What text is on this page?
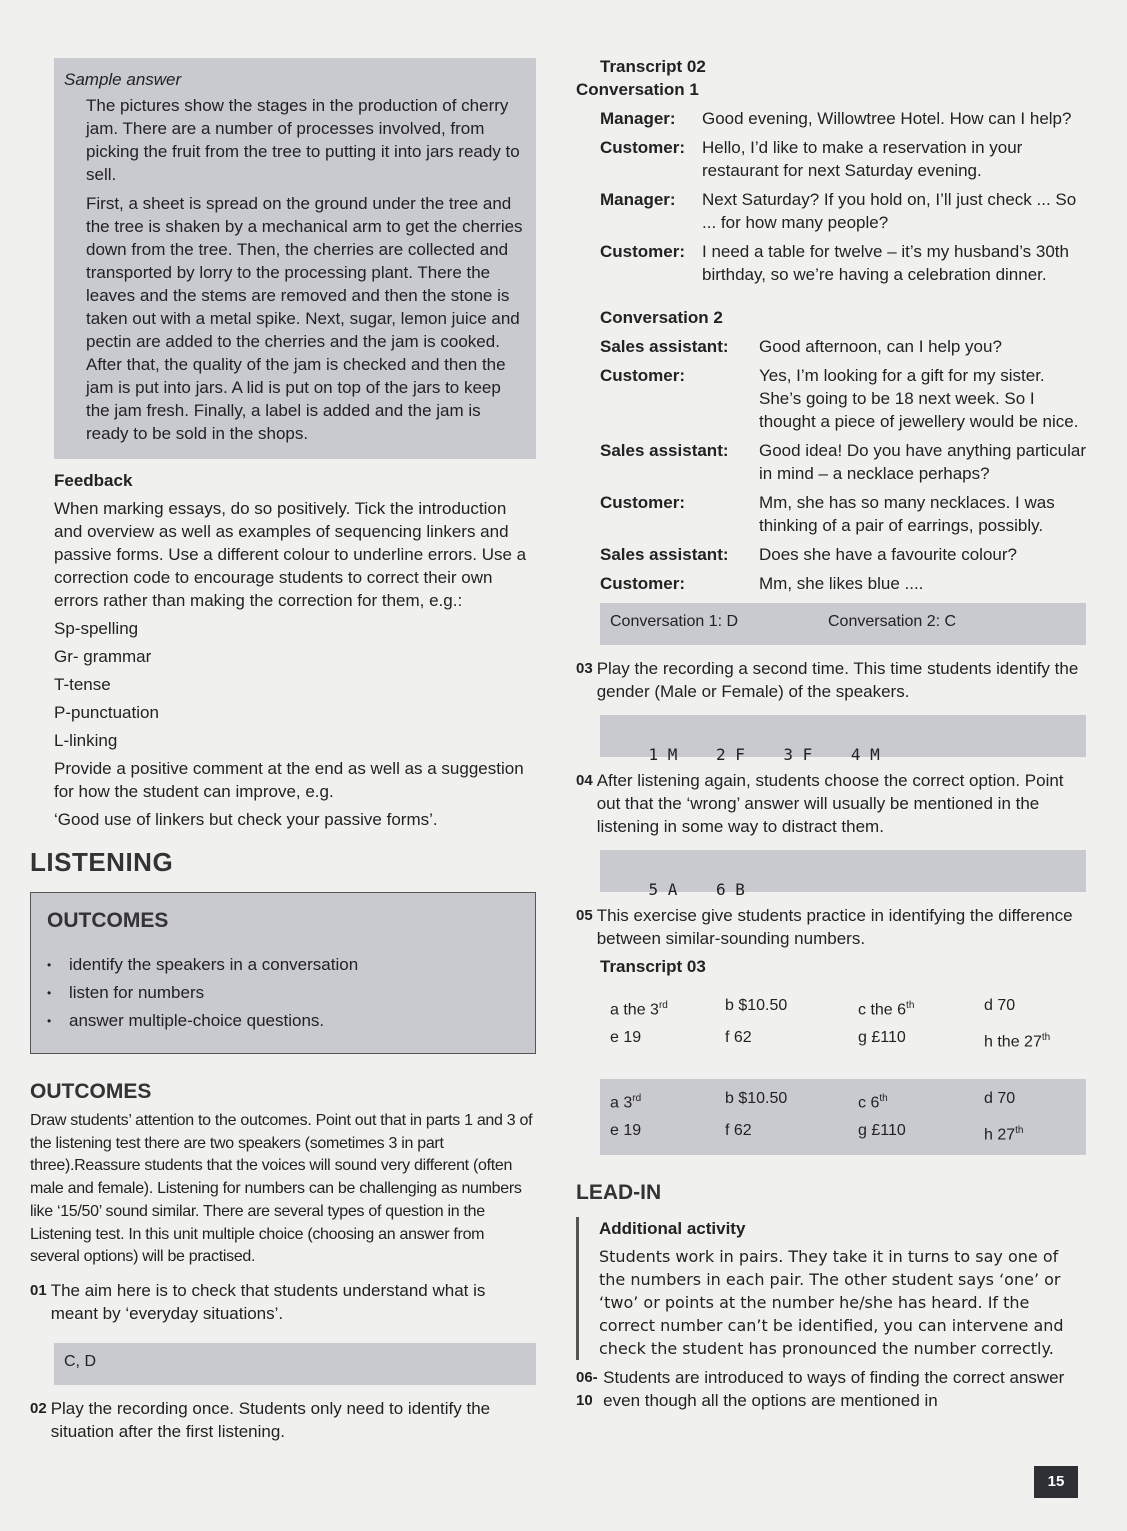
Sample answer

The pictures show the stages in the production of cherry jam. There are a number of processes involved, from picking the fruit from the tree to putting it into jars ready to sell.

First, a sheet is spread on the ground under the tree and the tree is shaken by a mechanical arm to get the cherries down from the tree. Then, the cherries are collected and transported by lorry to the processing plant. There the leaves and the stems are removed and then the stone is taken out with a metal spike. Next, sugar, lemon juice and pectin are added to the cherries and the jam is cooked. After that, the quality of the jam is checked and then the jam is put into jars. A lid is put on top of the jars to keep the jam fresh. Finally, a label is added and the jam is ready to be sold in the shops.

Feedback

When marking essays, do so positively. Tick the introduction and overview as well as examples of sequencing linkers and passive forms. Use a different colour to underline errors. Use a correction code to encourage students to correct their own errors rather than making the correction for them, e.g.:

Sp-spelling

Gr- grammar

T-tense

P-punctuation

L-linking

Provide a positive comment at the end as well as a suggestion for how the student can improve, e.g.

‘Good use of linkers but check your passive forms’.

LISTENING
OUTCOMES
• identify the speakers in a conversation
• listen for numbers
• answer multiple-choice questions.
OUTCOMES

Draw students’ attention to the outcomes. Point out that in parts 1 and 3 of the listening test there are two speakers (sometimes 3 in part three).Reassure students that the voices will sound very different (often male and female). Listening for numbers can be challenging as numbers like ‘15/50’ sound similar. There are several types of question in the Listening test. In this unit multiple choice (choosing an answer from several options) will be practised.

01 The aim here is to check that students understand what is meant by ‘everyday situations’.

C, D
02 Play the recording once. Students only need to identify the situation after the first listening.

Transcript 02
Conversation 1
Manager:	Good evening, Willowtree Hotel. How can I help?
Customer: Hello, I’d like to make a reservation in your restaurant for next Saturday evening.
Manager:	Next Saturday? If you hold on, I’ll just check ... So ... for how many people?
Customer: I need a table for twelve – it’s my husband’s 30th birthday, so we’re having a celebration dinner.
Conversation 2
Sales assistant:	Good afternoon, can I help you?
Customer:	Yes, I’m looking for a gift for my sister. She’s going to be 18 next week. So I thought a piece of jewellery would be nice.
Sales assistant:	Good idea! Do you have anything particular in mind – a necklace perhaps?
Customer:	Mm, she has so many necklaces. I was thinking of a pair of earrings, possibly.
Sales assistant:	Does she have a favourite colour?
Customer:	Mm, she likes blue ....
Conversation 1: D	Conversation 2: C
03 Play the recording a second time. This time students identify the gender (Male or Female) of the speakers.

1 M    2 F    3 F    4 M

04 After listening again, students choose the correct option. Point out that the ‘wrong’ answer will usually be mentioned in the listening in some way to distract them.

5 A    6 B

05 This exercise give students practice in identifying the difference between similar-sounding numbers.

Transcript 03
a the 3rd	b $10.50	c the 6th	d 70
e 19	f 62	g £110	h the 27th
a 3rd	b $10.50	c 6th	d 70
e 19	f 62	g £110	h 27th
LEAD-IN
Additional activity

Students work in pairs. They take it in turns to say one of the numbers in each pair. The other student says ‘one’ or ‘two’ or points at the number he/she has heard. If the correct number can’t be identified, you can intervene and check the student has pronounced the number correctly.

06-10

Students are introduced to ways of finding the correct answer even though all the options are mentioned in

15
